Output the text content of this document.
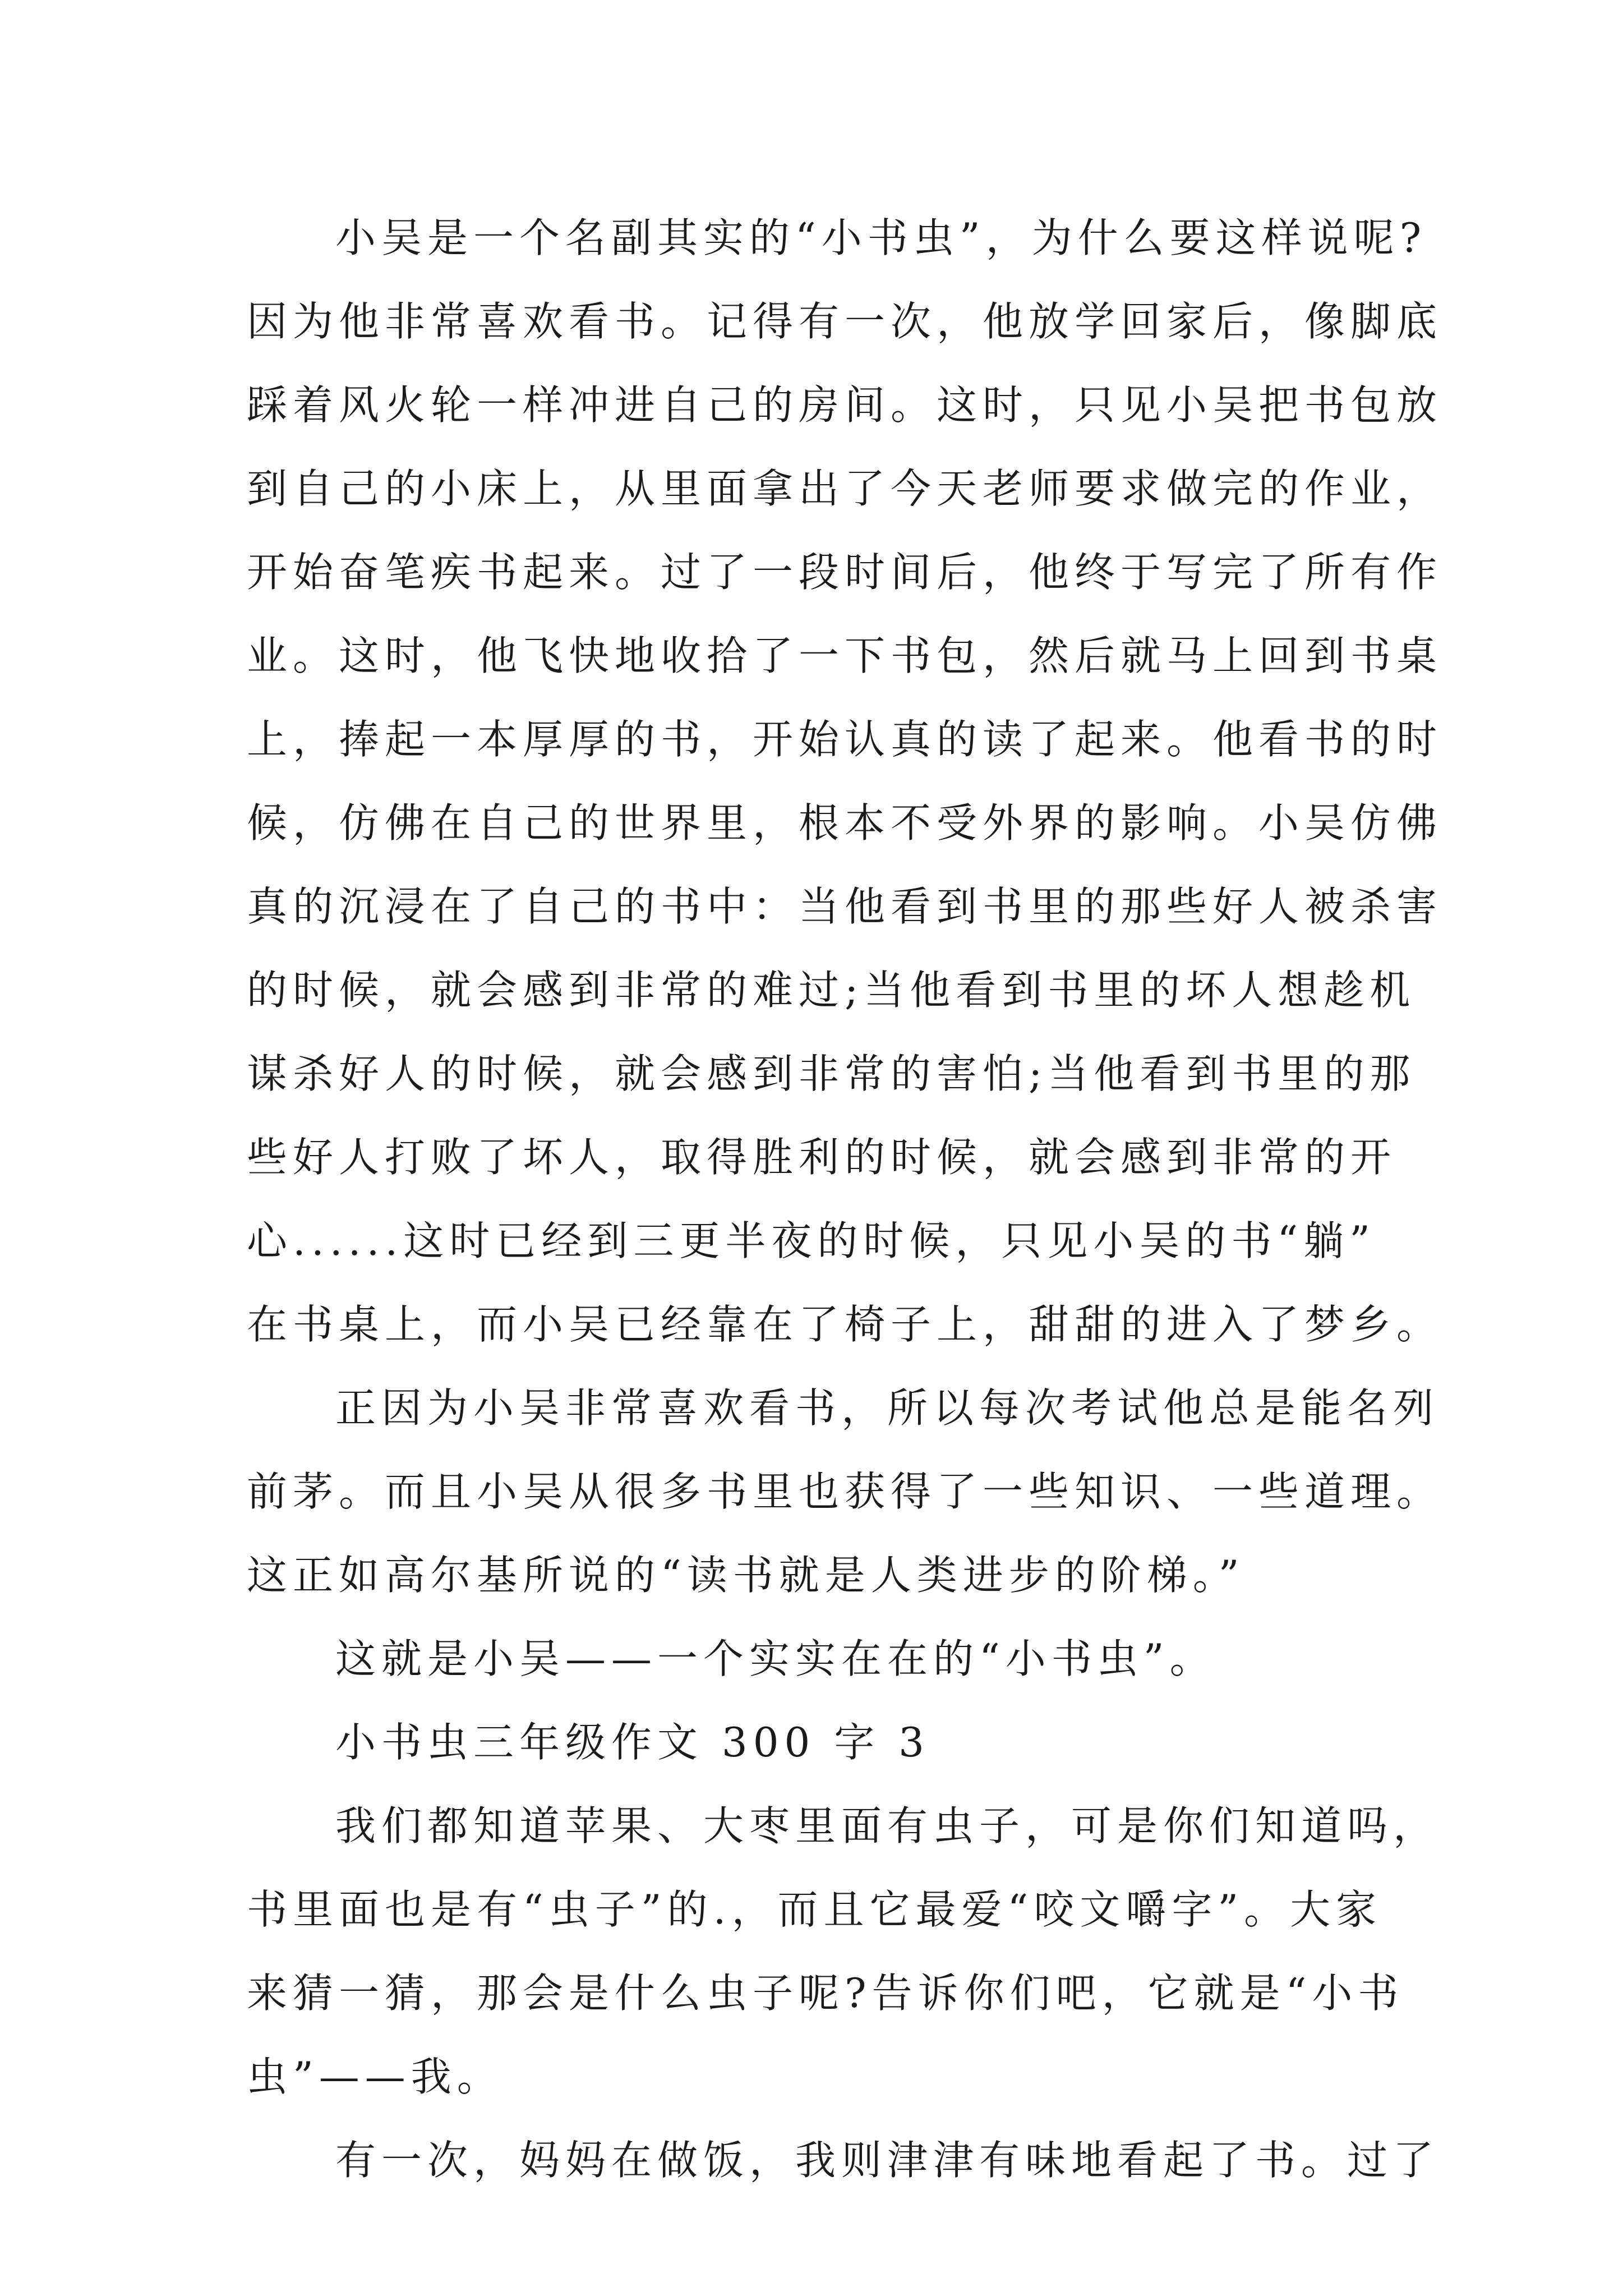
小吴是一个名副其实的“小书虫”，为什么要这样说呢?
因为他非常喜欢看书。记得有一次，他放学回家后，像脚底
踩着风火轮一样冲进自己的房间。这时，只见小吴把书包放
到自己的小床上，从里面拿出了今天老师要求做完的作业，
开始奋笔疾书起来。过了一段时间后，他终于写完了所有作
业。这时，他飞快地收拾了一下书包，然后就马上回到书桌
上，捧起一本厚厚的书，开始认真的读了起来。他看书的时
候，仿佛在自己的世界里，根本不受外界的影响。小吴仿佛
真的沉浸在了自己的书中：当他看到书里的那些好人被杀害
的时候，就会感到非常的难过;当他看到书里的坏人想趁机
谋杀好人的时候，就会感到非常的害怕;当他看到书里的那
些好人打败了坏人，取得胜利的时候，就会感到非常的开
心......这时已经到三更半夜的时候，只见小吴的书“躺”
在书桌上，而小吴已经靠在了椅子上，甜甜的进入了梦乡。
正因为小吴非常喜欢看书，所以每次考试他总是能名列
前茅。而且小吴从很多书里也获得了一些知识、一些道理。
这正如高尔基所说的“读书就是人类进步的阶梯。”
这就是小吴——一个实实在在的“小书虫”。
小书虫三年级作文 300 字 3
我们都知道苹果、大枣里面有虫子，可是你们知道吗，
书里面也是有“虫子”的.，而且它最爱“咬文嚼字”。大家
来猜一猜，那会是什么虫子呢?告诉你们吧，它就是“小书
虫”——我。
有一次，妈妈在做饭，我则津津有味地看起了书。过了
